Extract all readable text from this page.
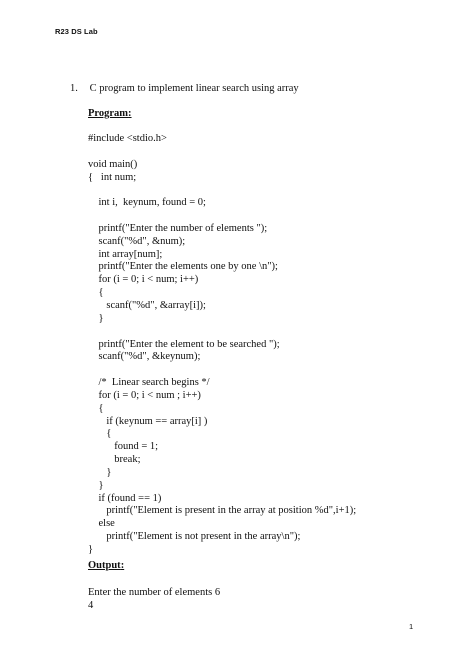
R23 DS Lab
1. C program to implement linear search using array
Program:
#include <stdio.h>

void main()
{   int num;

int i,  keynum, found = 0;

printf("Enter the number of elements ");
scanf("%d", &num);
int array[num];
printf("Enter the elements one by one \n");
for (i = 0; i < num; i++)
{
scanf("%d", &array[i]);
}

printf("Enter the element to be searched ");
scanf("%d", &keynum);

/*  Linear search begins */
for (i = 0; i < num ; i++)
{
if (keynum == array[i] )
{
found = 1;
break;
}
}
if (found == 1)
printf("Element is present in the array at position %d",i+1);
else
printf("Element is not present in the array\n");
}
Output:
Enter the number of elements 6
4
1
